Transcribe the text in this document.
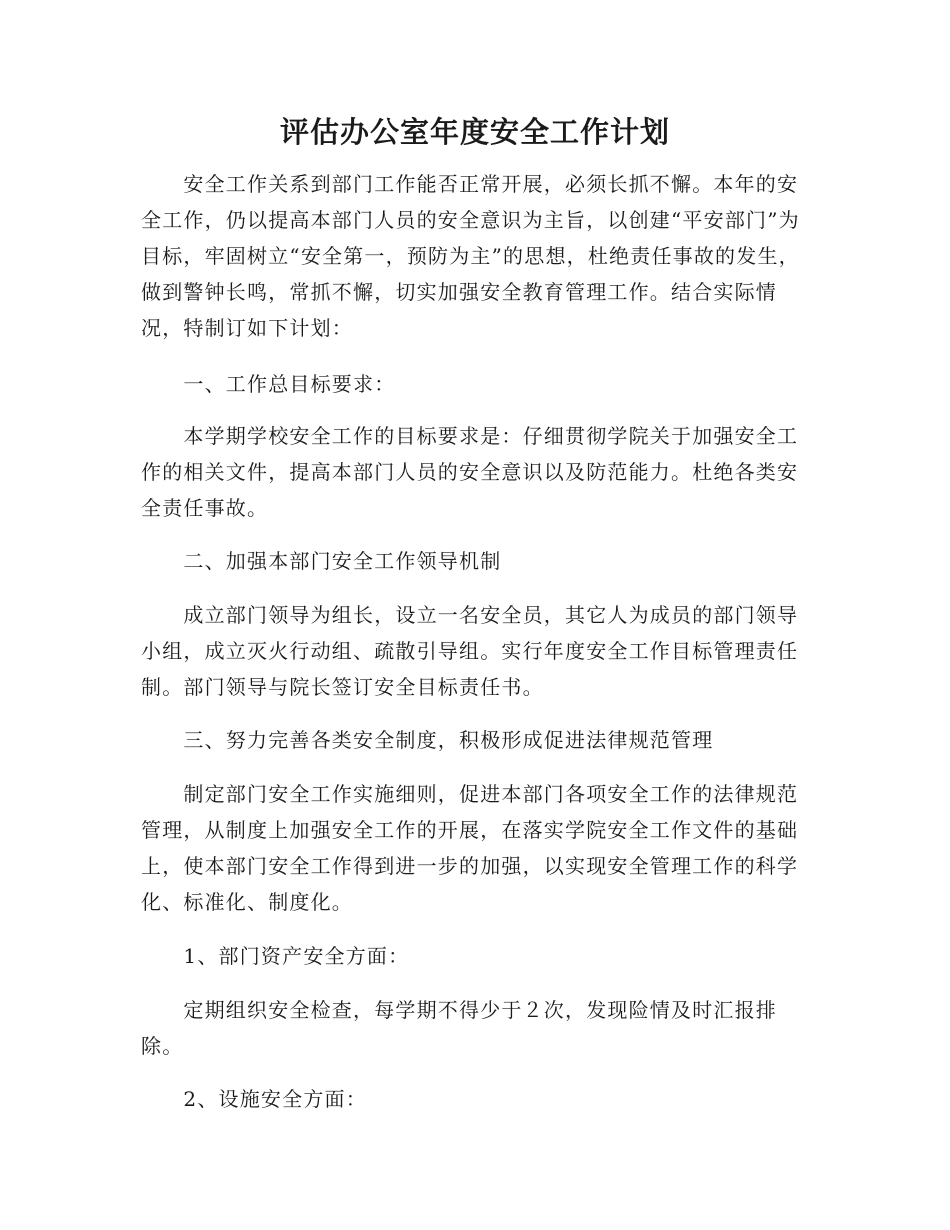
评估办公室年度安全工作计划

　　安全工作关系到部门工作能否正常开展，必须长抓不懈。本年的安全工作，仍以提高本部门人员的安全意识为主旨，以创建“平安部门”为目标，牢固树立“安全第一，预防为主”的思想，杜绝责任事故的发生，做到警钟长鸣，常抓不懈，切实加强安全教育管理工作。结合实际情况，特制订如下计划：

　　一、工作总目标要求：

　　本学期学校安全工作的目标要求是：仔细贯彻学院关于加强安全工作的相关文件，提高本部门人员的安全意识以及防范能力。杜绝各类安全责任事故。

　　二、加强本部门安全工作领导机制

　　成立部门领导为组长，设立一名安全员，其它人为成员的部门领导小组，成立灭火行动组、疏散引导组。实行年度安全工作目标管理责任制。部门领导与院长签订安全目标责任书。

　　三、努力完善各类安全制度，积极形成促进法律规范管理

　　制定部门安全工作实施细则，促进本部门各项安全工作的法律规范管理，从制度上加强安全工作的开展，在落实学院安全工作文件的基础上，使本部门安全工作得到进一步的加强，以实现安全管理工作的科学化、标准化、制度化。

　　1、部门资产安全方面：

　　定期组织安全检查，每学期不得少于２次，发现险情及时汇报排除。

　　2、设施安全方面：
